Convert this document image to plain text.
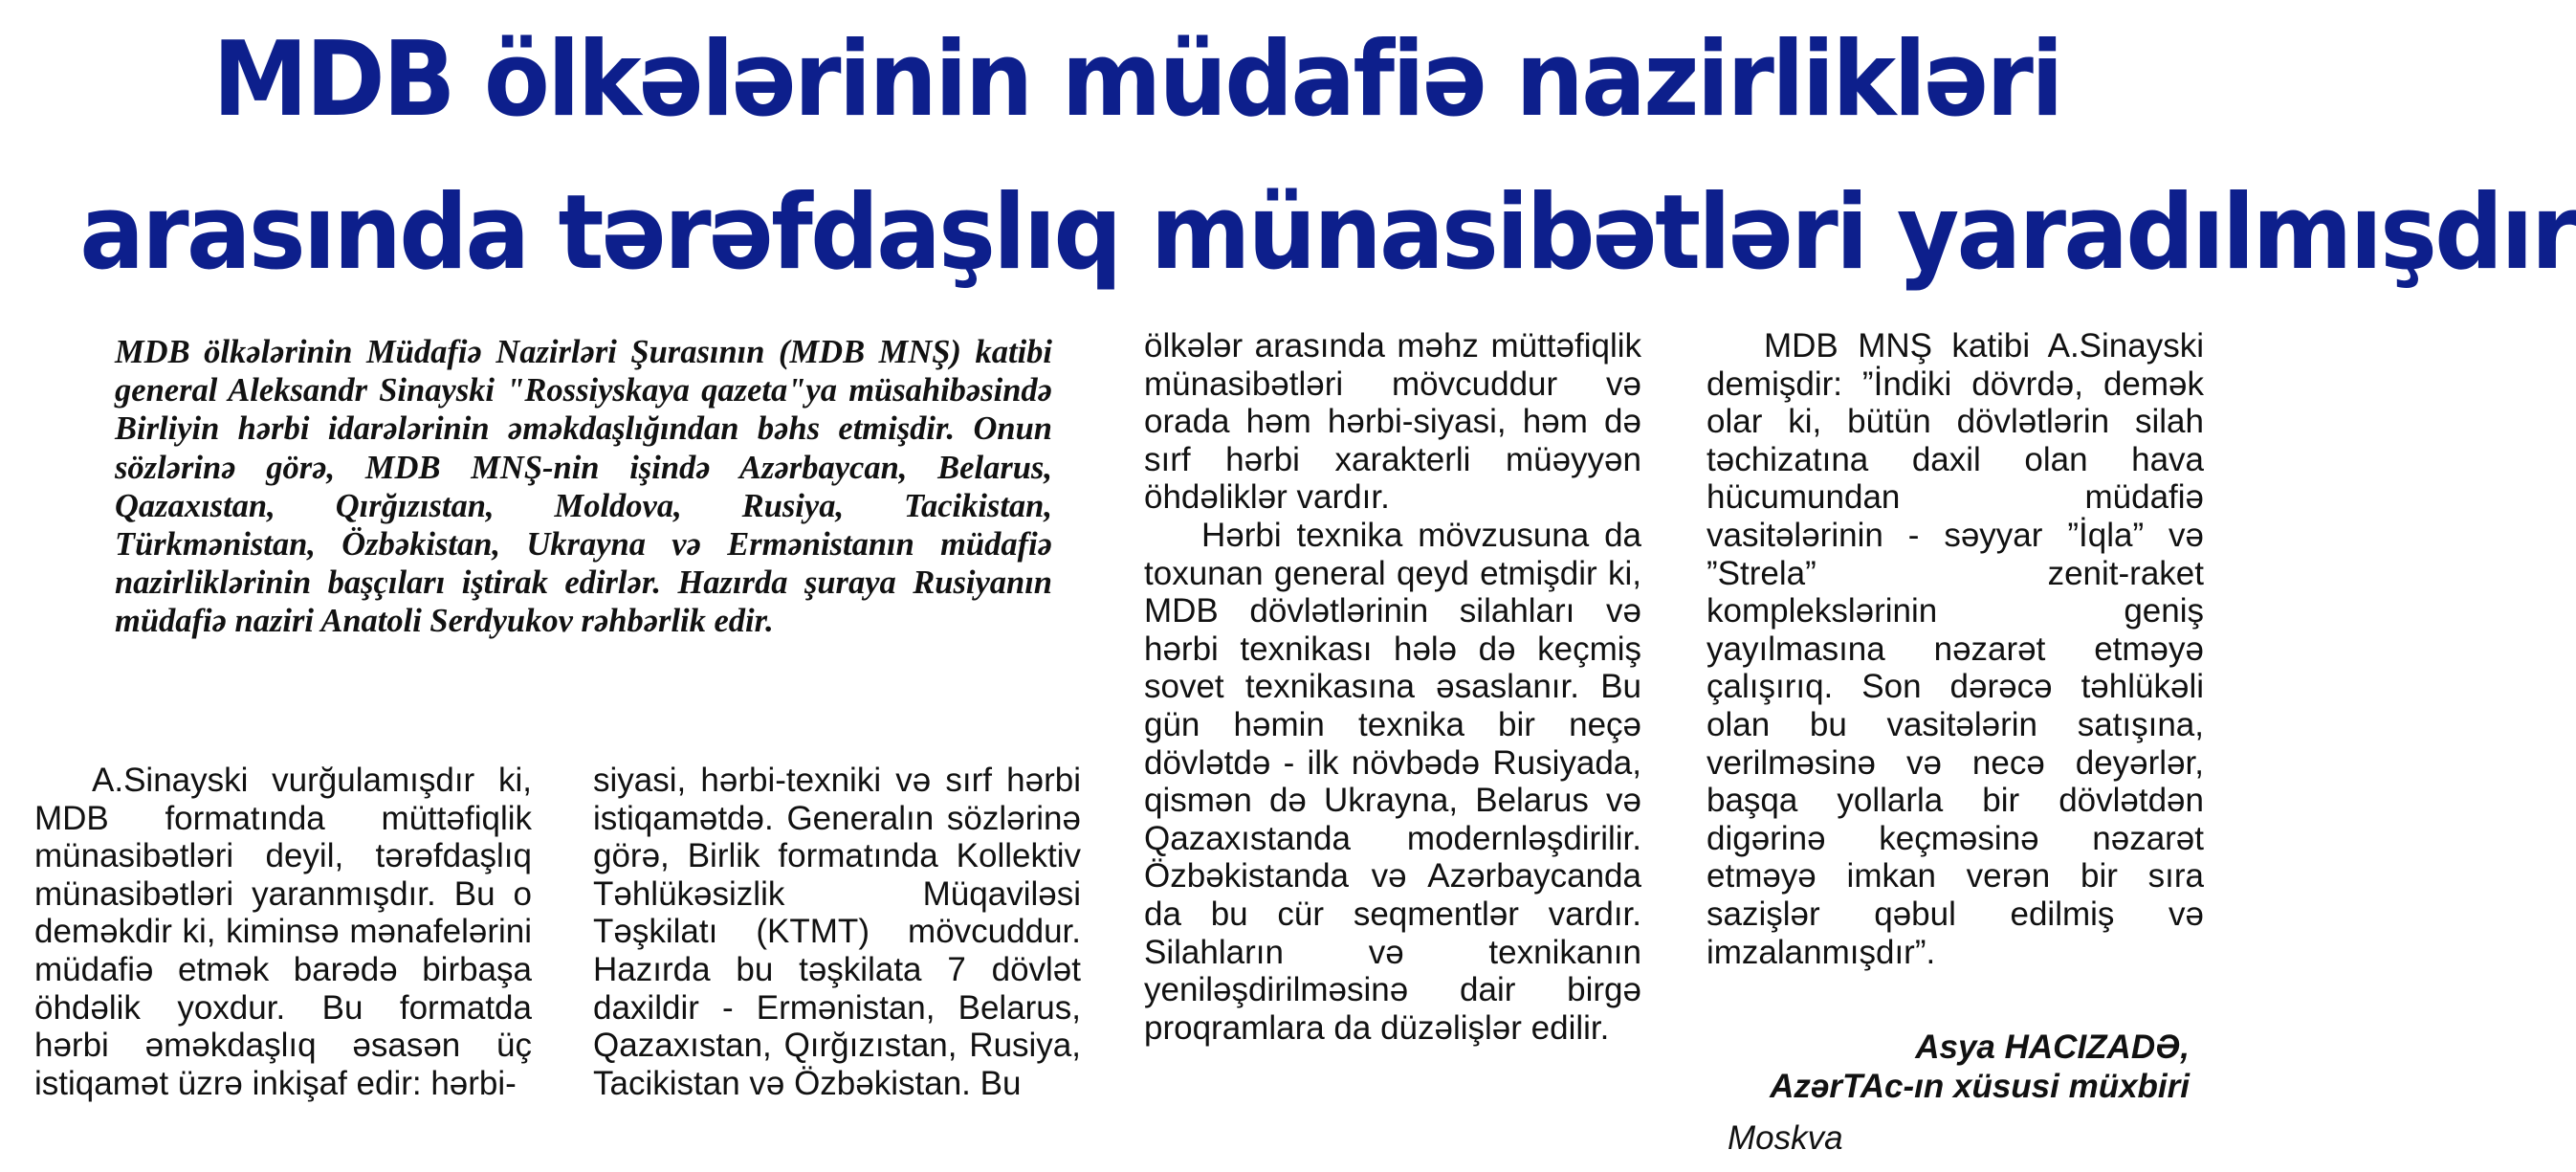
MDB ölkələrinin müdafiə nazirlikləri
arasında tərəfdaşlıq münasibətləri yaradılmışdır

MDB ölkələrinin Müdafiə Nazirləri Şurasının (MDB MNŞ) katibi general Aleksandr Sinayski "Rossiyskaya qazeta"ya müsahibəsində Birliyin hərbi idarələrinin əməkdaşlığından bəhs etmişdir. Onun sözlərinə görə, MDB MNŞ-nin işində Azərbaycan, Belarus, Qazaxıstan, Qırğızıstan, Moldova, Rusiya, Tacikistan, Türkmənistan, Özbəkistan, Ukrayna və Ermənistanın müdafiə nazirliklərinin başçıları iştirak edirlər. Hazırda şuraya Rusiyanın müdafiə naziri Anatoli Serdyukov rəhbərlik edir.

A.Sinayski vurğulamışdır ki, MDB formatında müttəfiqlik münasibətləri deyil, tərəfdaşlıq münasibətləri yaranmışdır. Bu o deməkdir ki, kiminsə mənafelərini müdafiə etmək barədə birbaşa öhdəlik yoxdur. Bu formatda hərbi əməkdaşlıq əsasən üç istiqamət üzrə inkişaf edir: hərbi-

siyasi, hərbi-texniki və sırf hərbi istiqamətdə. Generalın sözlərinə görə, Birlik formatında Kollektiv Təhlükəsizlik Müqaviləsi Təşkilatı (KTMT) mövcuddur. Hazırda bu təşkilata 7 dövlət daxildir - Ermənistan, Belarus, Qazaxıstan, Qırğızıstan, Rusiya, Tacikistan və Özbəkistan. Bu

ölkələr arasında məhz müttəfiqlik münasibətləri mövcuddur və orada həm hərbi-siyasi, həm də sırf hərbi xarakterli müəyyən öhdəliklər vardır.

Hərbi texnika mövzusuna da toxunan general qeyd etmişdir ki, MDB dövlətlərinin silahları və hərbi texnikası hələ də keçmiş sovet texnikasına əsaslanır. Bu gün həmin texnika bir neçə dövlətdə - ilk növbədə Rusiyada, qismən də Ukrayna, Belarus və Qazaxıstanda modernləşdirilir. Özbəkistanda və Azərbaycanda da bu cür seqmentlər vardır. Silahların və texnikanın yeniləşdirilməsinə dair birgə proqramlara da düzəlişlər edilir.

MDB MNŞ katibi A.Sinayski demişdir: ”İndiki dövrdə, demək olar ki, bütün dövlətlərin silah təchizatına daxil olan hava hücumundan müdafiə vasitələrinin - səyyar ”İqla” və ”Strela” zenit-raket komplekslərinin geniş yayılmasına nəzarət etməyə çalışırıq. Son dərəcə təhlükəli olan bu vasitələrin satışına, verilməsinə və necə deyərlər, başqa yollarla bir dövlətdən digərinə keçməsinə nəzarət etməyə imkan verən bir sıra sazişlər qəbul edilmiş və imzalanmışdır”.

Asya HACIZADƏ,
AzərTAc-ın xüsusi müxbiri
Moskva
